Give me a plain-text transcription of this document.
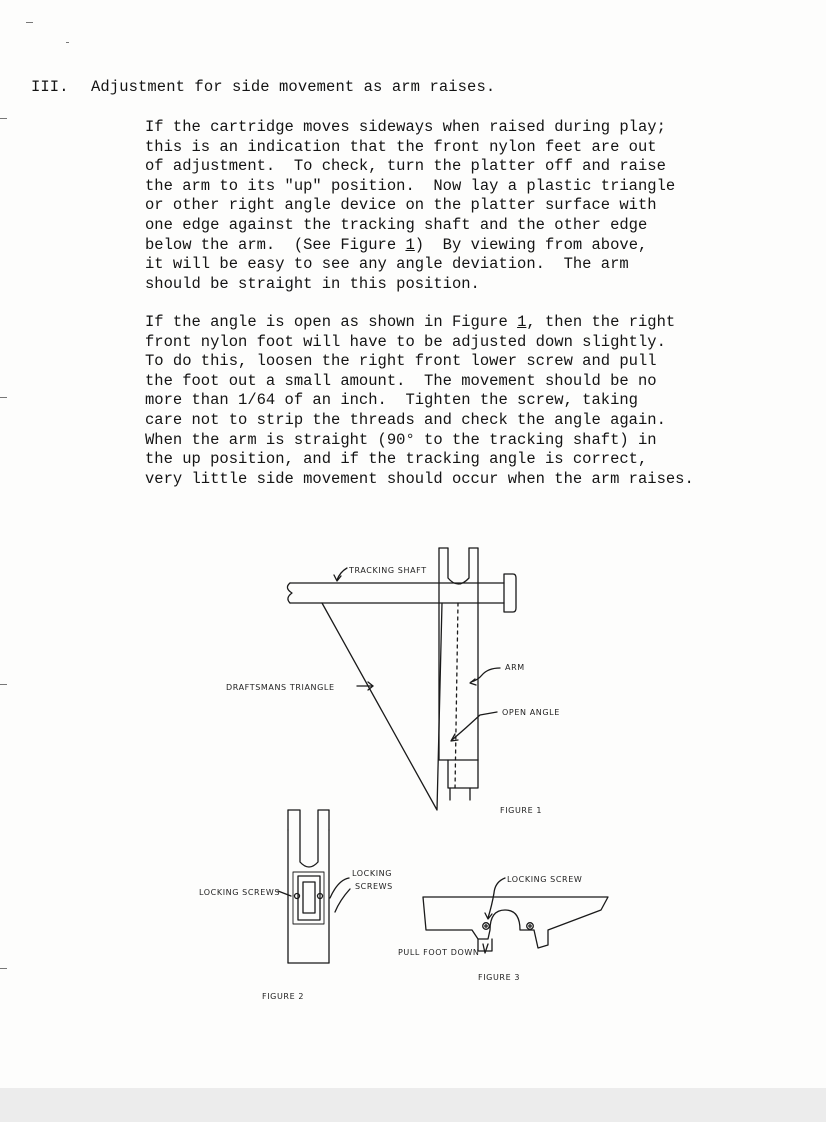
III. Adjustment for side movement as arm raises.
If the cartridge moves sideways when raised during play;
this is an indication that the front nylon feet are out
of adjustment.  To check, turn the platter off and raise
the arm to its "up" position.  Now lay a plastic triangle
or other right angle device on the platter surface with
one edge against the tracking shaft and the other edge
below the arm.  (See Figure 1)  By viewing from above,
it will be easy to see any angle deviation.  The arm
should be straight in this position.
If the angle is open as shown in Figure 1, then the right
front nylon foot will have to be adjusted down slightly.
To do this, loosen the right front lower screw and pull
the foot out a small amount.  The movement should be no
more than 1/64 of an inch.  Tighten the screw, taking
care not to strip the threads and check the angle again.
When the arm is straight (90° to the tracking shaft) in
the up position, and if the tracking angle is correct,
very little side movement should occur when the arm raises.
TRACKING SHAFT
ARM
DRAFTSMANS TRIANGLE
OPEN ANGLE
FIGURE 1
LOCKING SCREWS
LOCKING
SCREWS
FIGURE 2
LOCKING SCREW
PULL FOOT DOWN
FIGURE 3
